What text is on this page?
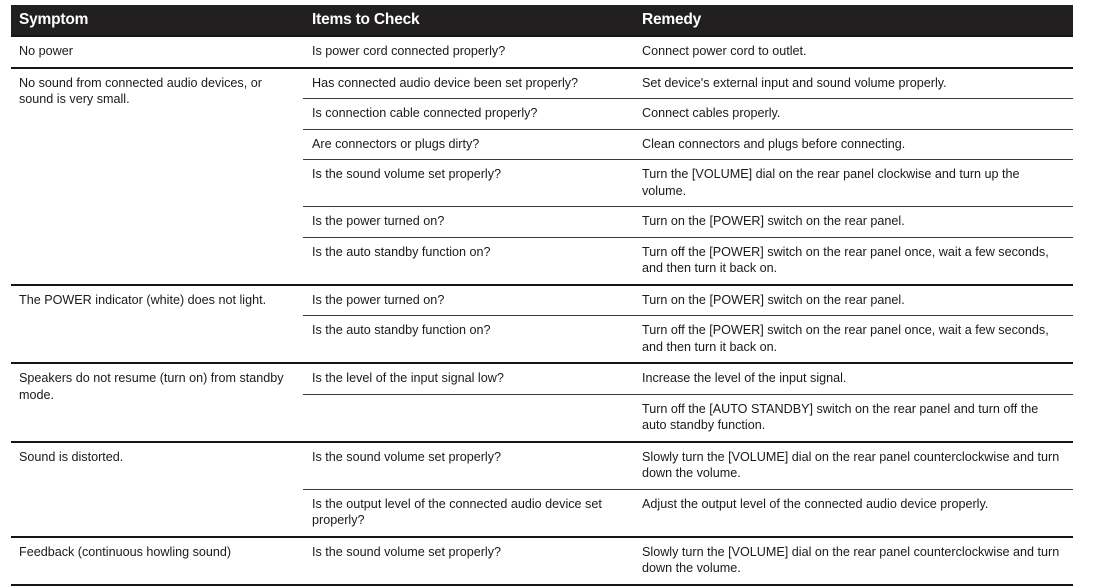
Symptom	Items to Check	Remedy
No power	Is power cord connected properly?	Connect power cord to outlet.
No sound from connected audio devices, or sound is very small.	Has connected audio device been set properly?	Set device's external input and sound volume properly.
	Is connection cable connected properly?	Connect cables properly.
	Are connectors or plugs dirty?	Clean connectors and plugs before connecting.
	Is the sound volume set properly?	Turn the [VOLUME] dial on the rear panel clockwise and turn up the volume.
	Is the power turned on?	Turn on the [POWER] switch on the rear panel.
	Is the auto standby function on?	Turn off the [POWER] switch on the rear panel once, wait a few seconds, and then turn it back on.
The POWER indicator (white) does not light.	Is the power turned on?	Turn on the [POWER] switch on the rear panel.
	Is the auto standby function on?	Turn off the [POWER] switch on the rear panel once, wait a few seconds, and then turn it back on.
Speakers do not resume (turn on) from standby mode.	Is the level of the input signal low?	Increase the level of the input signal.
		Turn off the [AUTO STANDBY] switch on the rear panel and turn off the auto standby function.
Sound is distorted.	Is the sound volume set properly?	Slowly turn the [VOLUME] dial on the rear panel counterclockwise and turn down the volume.
	Is the output level of the connected audio device set properly?	Adjust the output level of the connected audio device properly.
Feedback (continuous howling sound)	Is the sound volume set properly?	Slowly turn the [VOLUME] dial on the rear panel counterclockwise and turn down the volume.
